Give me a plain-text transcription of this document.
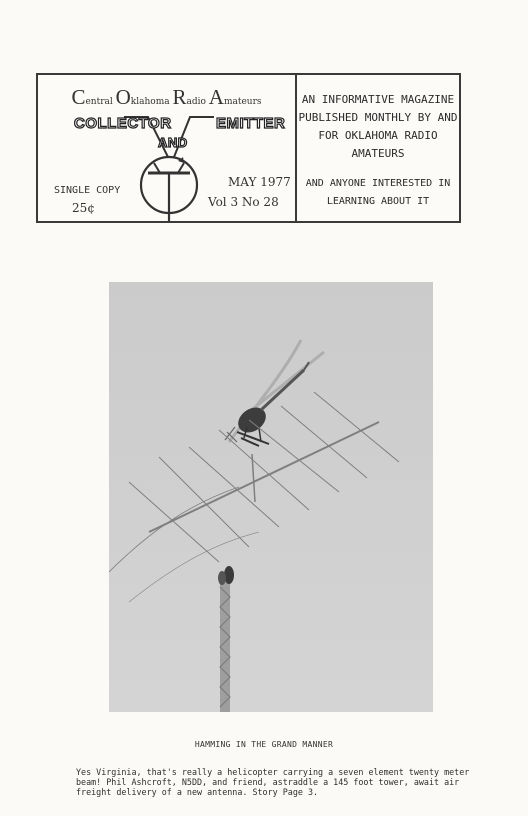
Central Oklahoma Radio Amateurs
COLLECTOR
AND
EMITTER
SINGLE COPY
25¢
MAY 1977
Vol 3 No 28
AN INFORMATIVE MAGAZINE
PUBLISHED MONTHLY BY AND
FOR OKLAHOMA RADIO
AMATEURS
AND ANYONE INTERESTED IN
LEARNING ABOUT IT
HAMMING IN THE GRAND MANNER
Yes Virginia, that's really a helicopter carrying a seven element twenty meter beam! Phil Ashcroft, N5DD, and friend, astraddle a 145 foot tower, await air freight delivery of a new antenna. Story Page 3.
